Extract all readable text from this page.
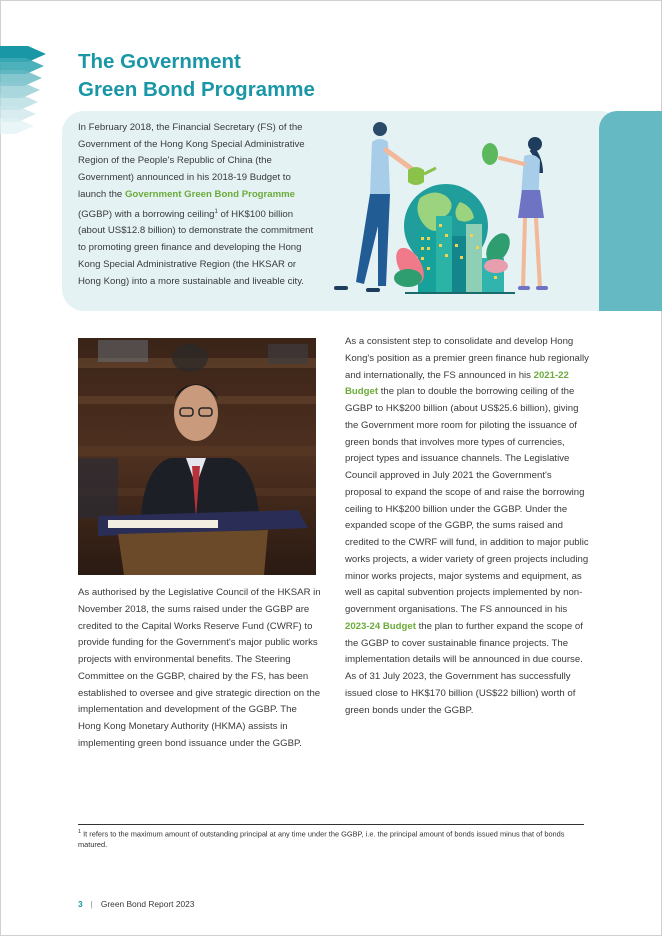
The Government
Green Bond Programme

In February 2018, the Financial Secretary (FS) of the Government of the Hong Kong Special Administrative Region of the People's Republic of China (the Government) announced in his 2018-19 Budget to launch the Government Green Bond Programme (GGBP) with a borrowing ceiling$^1$ of HK$100 billion (about US$12.8 billion) to demonstrate the commitment to promoting green finance and developing the Hong Kong Special Administrative Region (the HKSAR or Hong Kong) into a more sustainable and liveable city.

As authorised by the Legislative Council of the HKSAR in November 2018, the sums raised under the GGBP are credited to the Capital Works Reserve Fund (CWRF) to provide funding for the Government's major public works projects with environmental benefits. The Steering Committee on the GGBP, chaired by the FS, has been established to oversee and give strategic direction on the implementation and development of the GGBP. The Hong Kong Monetary Authority (HKMA) assists in implementing green bond issuance under the GGBP.

As a consistent step to consolidate and develop Hong Kong's position as a premier green finance hub regionally and internationally, the FS announced in his 2021-22 Budget the plan to double the borrowing ceiling of the GGBP to HK$200 billion (about US$25.6 billion), giving the Government more room for piloting the issuance of green bonds that involves more types of currencies, project types and issuance channels. The Legislative Council approved in July 2021 the Government's proposal to expand the scope of and raise the borrowing ceiling to HK$200 billion under the GGBP. Under the expanded scope of the GGBP, the sums raised and credited to the CWRF will fund, in addition to major public works projects, a wider variety of green projects including minor works projects, major systems and equipment, as well as capital subvention projects implemented by non-government organisations. The FS announced in his 2023-24 Budget the plan to further expand the scope of the GGBP to cover sustainable finance projects. The implementation details will be announced in due course. As of 31 July 2023, the Government has successfully issued close to HK$170 billion (US$22 billion) worth of green bonds under the GGBP.

$^1$ It refers to the maximum amount of outstanding principal at any time under the GGBP, i.e. the principal amount of bonds issued minus that of bonds matured.

3 | Green Bond Report 2023
